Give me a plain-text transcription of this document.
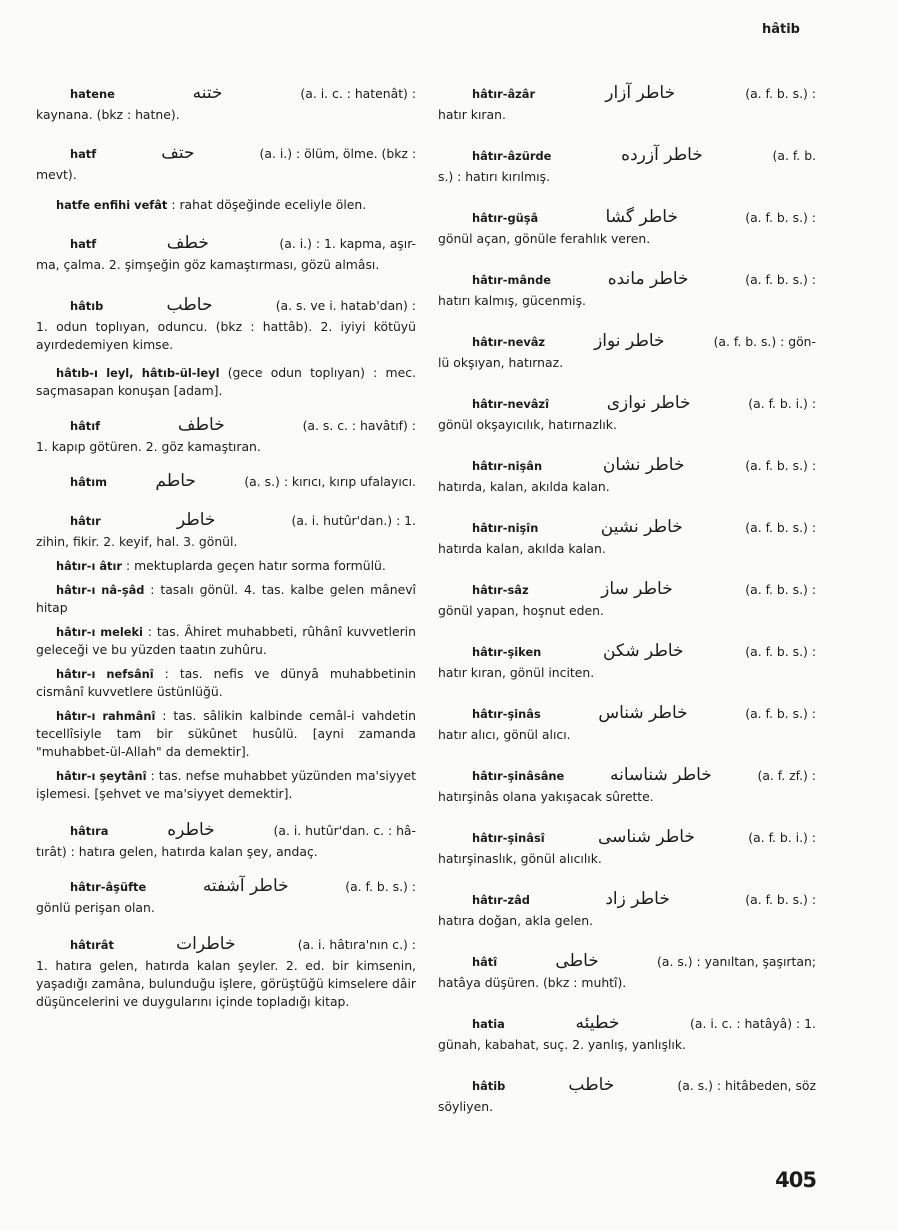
hâtib
hatene	ختنه	(a. i. c. : hatenât) :
kaynana. (bkz : hatne).
hatf	حتف	(a. i.) : ölüm, ölme. (bkz :
mevt).
hatfe enfihi vefât : rahat döşeğinde eceliyle ölen.
hatf	خطف	(a. i.) : 1. kapma, aşır-
ma, çalma. 2. şimşeğin göz kamaştırması, gözü almâsı.
hâtıb	حاطب	(a. s. ve i. hatab'dan) :
1. odun toplıyan, oduncu. (bkz : hattâb). 2. iyiyi kötüyü ayırdedemiyen kimse.
hâtıb-ı leyl, hâtıb-ül-leyl (gece odun toplıyan) : mec. saçmasapan konuşan [adam].
hâtıf	خاطف	(a. s. c. : havâtıf) :
1. kapıp götüren. 2. göz kamaştıran.
hâtım	حاطم	(a. s.) : kırıcı, kırıp ufalayıcı.
hâtır	خاطر	(a. i. hutûr'dan.) : 1.
zihin, fikir. 2. keyif, hal. 3. gönül.
hâtır-ı âtır : mektuplarda geçen hatır sorma formülü.
hâtır-ı nâ-şâd : tasalı gönül. 4. tas. kalbe gelen mânevî hitap
hâtır-ı meleki : tas. Âhiret muhabbeti, rûhânî kuvvetlerin geleceği ve bu yüzden taatın zuhûru.
hâtır-ı nefsânî : tas. nefis ve dünyâ muhabbetinin cismânî kuvvetlere üstünlüğü.
hâtır-ı rahmânî : tas. sâlikin kalbinde cemâl-i vahdetin tecellîsiyle tam bir sükûnet husûlü. [ayni zamanda "muhabbet-ül-Allah" da demektir].
hâtır-ı şeytânî : tas. nefse muhabbet yüzünden ma'siyyet işlemesi. [şehvet ve ma'siyyet demektir].
hâtıra	خاطره	(a. i. hutûr'dan. c. : hâ-
tırât) : hatıra gelen, hatırda kalan şey, andaç.
hâtır-âşüfte	خاطر آشفته	(a. f. b. s.) :
gönlü perişan olan.
hâtırât	خاطرات	(a. i. hâtıra'nın c.) :
1. hatıra gelen, hatırda kalan şeyler. 2. ed. bir kimsenin, yaşadığı zamâna, bulunduğu işlere, görüştüğü kimselere dâir düşüncelerini ve duygularını içinde topladığı kitap.
hâtır-âzâr	خاطر آزار	(a. f. b. s.) :
hatır kıran.
hâtır-âzürde	خاطر آزرده	(a. f. b.
s.) : hatırı kırılmış.
hâtır-güşâ	خاطر گشا	(a. f. b. s.) :
gönül açan, gönüle ferahlık veren.
hâtır-mânde	خاطر مانده	(a. f. b. s.) :
hatırı kalmış, gücenmiş.
hâtır-nevâz	خاطر نواز	(a. f. b. s.) : gön-
lü okşıyan, hatırnaz.
hâtır-nevâzî	خاطر نوازى	(a. f. b. i.) :
gönül okşayıcılık, hatırnazlık.
hâtır-nişân	خاطر نشان	(a. f. b. s.) :
hatırda, kalan, akılda kalan.
hâtır-nişîn	خاطر نشين	(a. f. b. s.) :
hatırda kalan, akılda kalan.
hâtır-sâz	خاطر ساز	(a. f. b. s.) :
gönül yapan, hoşnut eden.
hâtır-şiken	خاطر شکن	(a. f. b. s.) :
hatır kıran, gönül inciten.
hâtır-şinâs	خاطر شناس	(a. f. b. s.) :
hatır alıcı, gönül alıcı.
hâtır-şinâsâne	خاطر شناسانه	(a. f. zf.) :
hatırşinâs olana yakışacak sûrette.
hâtır-şinâsî	خاطر شناسى	(a. f. b. i.) :
hatırşinaslık, gönül alıcılık.
hâtır-zâd	خاطر زاد	(a. f. b. s.) :
hatıra doğan, akla gelen.
hâtî	خاطى	(a. s.) : yanıltan, şaşırtan;
hatâya düşüren. (bkz : muhtî).
hatia	خطيئه	(a. i. c. : hatâyâ) : 1.
günah, kabahat, suç. 2. yanlış, yanlışlık.
hâtib	خاطب	(a. s.) : hitâbeden, söz
söyliyen.
405
